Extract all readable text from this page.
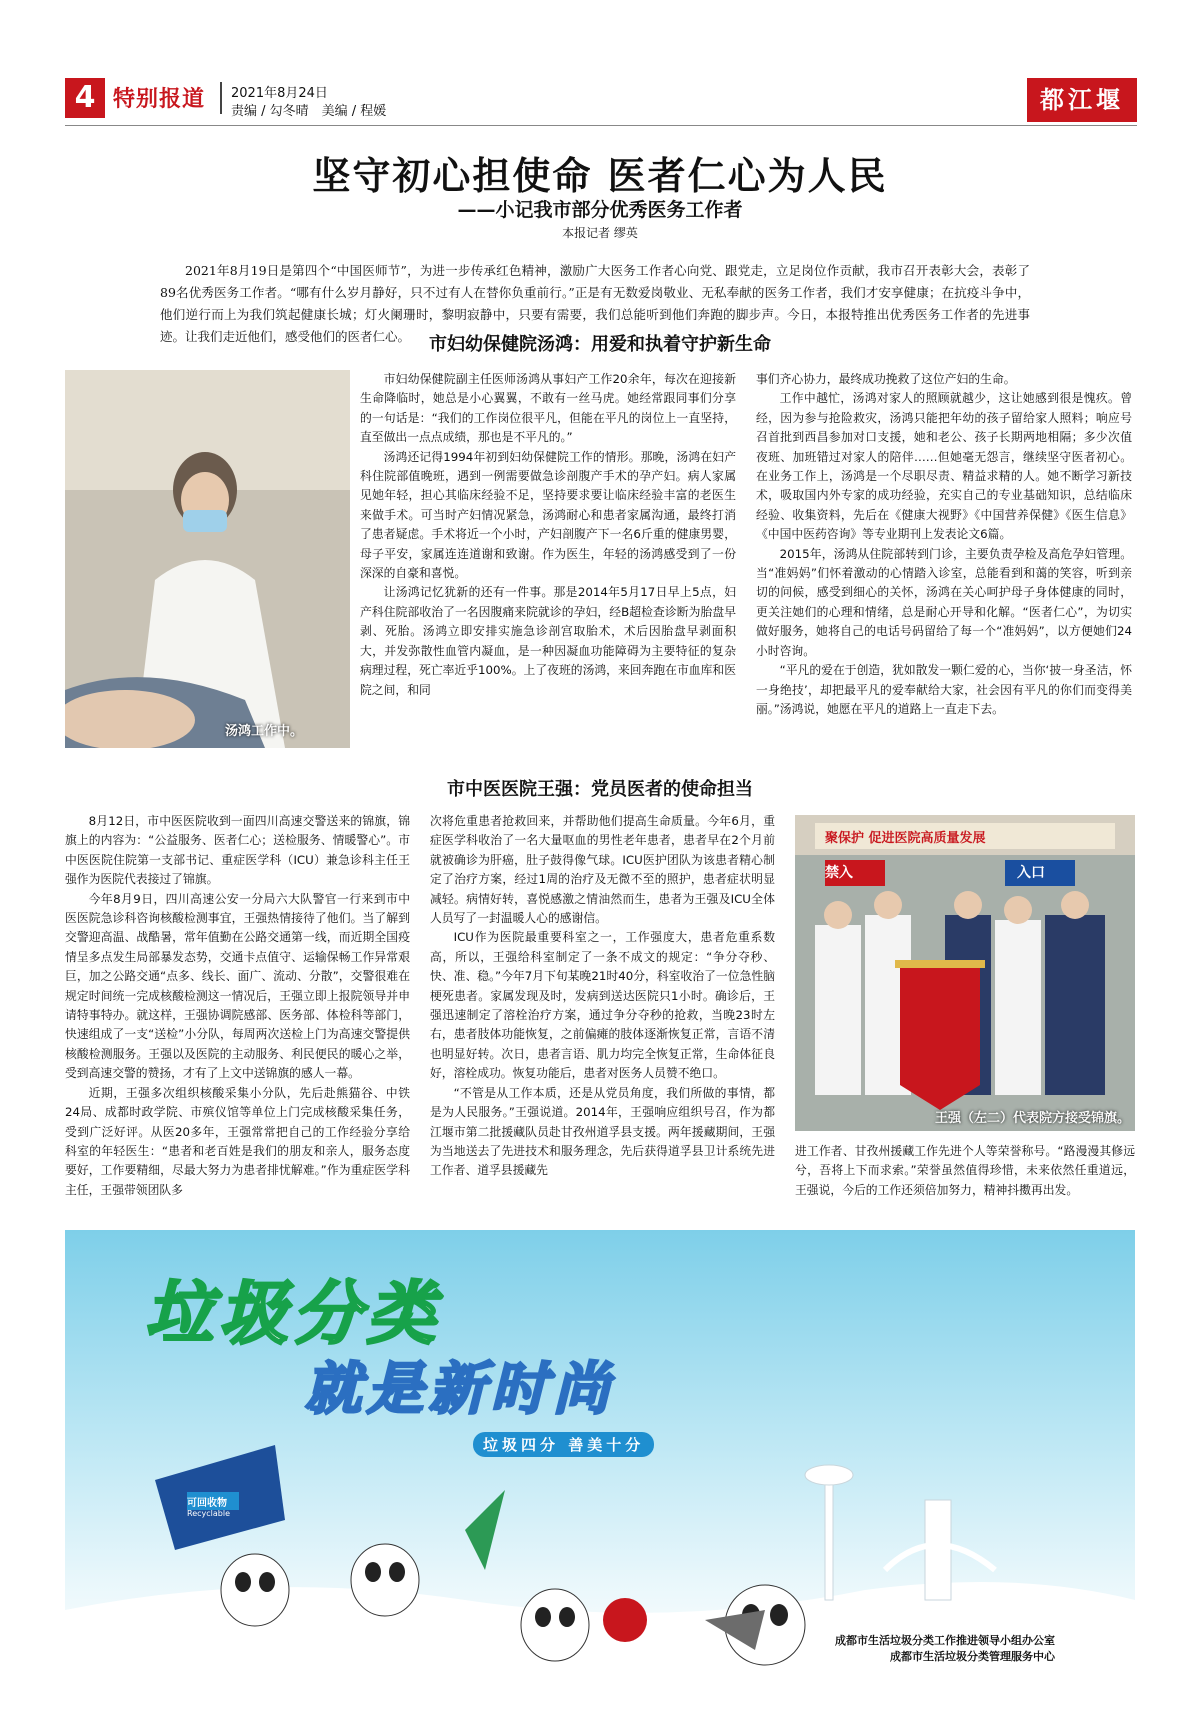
4 特别报道 2021年8月24日
责编 / 勾冬晴　美编 / 程媛	都江堰報
坚守初心担使命 医者仁心为人民
——小记我市部分优秀医务工作者
本报记者 缪英
2021年8月19日是第四个“中国医师节”，为进一步传承红色精神，激励广大医务工作者心向党、跟党走，立足岗位作贡献，我市召开表彰大会，表彰了89名优秀医务工作者。“哪有什么岁月静好，只不过有人在替你负重前行。”正是有无数爱岗敬业、无私奉献的医务工作者，我们才安享健康；在抗疫斗争中，他们逆行而上为我们筑起健康长城；灯火阑珊时，黎明寂静中，只要有需要，我们总能听到他们奔跑的脚步声。今日，本报特推出优秀医务工作者的先进事迹。让我们走近他们，感受他们的医者仁心。	市妇幼保健院汤鸿：用爱和执着守护新生命
汤鸿工作中。

市妇幼保健院副主任医师汤鸿从事妇产工作20余年，每次在迎接新生命降临时，她总是小心翼翼，不敢有一丝马虎。她经常跟同事们分享的一句话是：“我们的工作岗位很平凡，但能在平凡的岗位上一直坚持，直至做出一点点成绩，那也是不平凡的。”

汤鸿还记得1994年初到妇幼保健院工作的情形。那晚，汤鸿在妇产科住院部值晚班，遇到一例需要做急诊剖腹产手术的孕产妇。病人家属见她年轻，担心其临床经验不足，坚持要求要让临床经验丰富的老医生来做手术。可当时产妇情况紧急，汤鸿耐心和患者家属沟通，最终打消了患者疑虑。手术将近一个小时，产妇剖腹产下一名6斤重的健康男婴，母子平安，家属连连道谢和致谢。作为医生，年轻的汤鸿感受到了一份深深的自豪和喜悦。

让汤鸿记忆犹新的还有一件事。那是2014年5月17日早上5点，妇产科住院部收治了一名因腹痛来院就诊的孕妇，经B超检查诊断为胎盘早剥、死胎。汤鸿立即安排实施急诊剖宫取胎术，术后因胎盘早剥面积大，并发弥散性血管内凝血，是一种因凝血功能障碍为主要特征的复杂病理过程，死亡率近乎100%。上了夜班的汤鸿，来回奔跑在市血库和医院之间，和同

事们齐心协力，最终成功挽救了这位产妇的生命。

工作中越忙，汤鸿对家人的照顾就越少，这让她感到很是愧疚。曾经，因为参与抢险救灾，汤鸿只能把年幼的孩子留给家人照料；响应号召首批到西昌参加对口支援，她和老公、孩子长期两地相隔；多少次值夜班、加班错过对家人的陪伴……但她毫无怨言，继续坚守医者初心。在业务工作上，汤鸿是一个尽职尽责、精益求精的人。她不断学习新技术，吸取国内外专家的成功经验，充实自己的专业基础知识，总结临床经验、收集资料，先后在《健康大视野》《中国营养保健》《医生信息》《中国中医药咨询》等专业期刊上发表论文6篇。

2015年，汤鸿从住院部转到门诊，主要负责孕检及高危孕妇管理。当“准妈妈”们怀着激动的心情踏入诊室，总能看到和蔼的笑容，听到亲切的问候，感受到细心的关怀，汤鸿在关心呵护母子身体健康的同时，更关注她们的心理和情绪，总是耐心开导和化解。“医者仁心”，为切实做好服务，她将自己的电话号码留给了每一个“准妈妈”，以方便她们24小时咨询。

“平凡的爱在于创造，犹如散发一颗仁爱的心，当你‘披一身圣洁，怀一身绝技’，却把最平凡的爱奉献给大家，社会因有平凡的你们而变得美丽。”汤鸿说，她愿在平凡的道路上一直走下去。

市中医医院王强：党员医者的使命担当

8月12日，市中医医院收到一面四川高速交警送来的锦旗，锦旗上的内容为：“公益服务、医者仁心；送检服务、情暖警心”。市中医医院住院第一支部书记、重症医学科（ICU）兼急诊科主任王强作为医院代表接过了锦旗。

今年8月9日，四川高速公安一分局六大队警官一行来到市中医医院急诊科咨询核酸检测事宜，王强热情接待了他们。当了解到交警迎高温、战酷暑，常年值勤在公路交通第一线，而近期全国疫情呈多点发生局部暴发态势，交通卡点值守、运输保畅工作异常艰巨，加之公路交通“点多、线长、面广、流动、分散”，交警很难在规定时间统一完成核酸检测这一情况后，王强立即上报院领导并申请特事特办。就这样，王强协调院感部、医务部、体检科等部门，快速组成了一支“送检”小分队，每周两次送检上门为高速交警提供核酸检测服务。王强以及医院的主动服务、利民便民的暖心之举，受到高速交警的赞扬，才有了上文中送锦旗的感人一幕。

近期，王强多次组织核酸采集小分队，先后赴熊猫谷、中铁24局、成都时政学院、市殡仪馆等单位上门完成核酸采集任务，受到广泛好评。从医20多年，王强常常把自己的工作经验分享给科室的年轻医生：“患者和老百姓是我们的朋友和亲人，服务态度要好，工作要精细，尽最大努力为患者排忧解难。”作为重症医学科主任，王强带领团队多

次将危重患者抢救回来，并帮助他们提高生命质量。今年6月，重症医学科收治了一名大量呕血的男性老年患者，患者早在2个月前就被确诊为肝癌，肚子鼓得像气球。ICU医护团队为该患者精心制定了治疗方案，经过1周的治疗及无微不至的照护，患者症状明显减轻。病情好转，喜悦感激之情油然而生，患者为王强及ICU全体人员写了一封温暖人心的感谢信。

ICU作为医院最重要科室之一，工作强度大，患者危重系数高，所以，王强给科室制定了一条不成文的规定：“争分夺秒、快、准、稳。”今年7月下旬某晚21时40分，科室收治了一位急性脑梗死患者。家属发现及时，发病到送达医院只1小时。确诊后，王强迅速制定了溶栓治疗方案，通过争分夺秒的抢救，当晚23时左右，患者肢体功能恢复，之前偏瘫的肢体逐渐恢复正常，言语不清也明显好转。次日，患者言语、肌力均完全恢复正常，生命体征良好，溶栓成功。恢复功能后，患者对医务人员赞不绝口。

“不管是从工作本质，还是从党员角度，我们所做的事情，都是为人民服务。”王强说道。2014年，王强响应组织号召，作为都江堰市第二批援藏队员赴甘孜州道孚县支援。两年援藏期间，王强为当地送去了先进技术和服务理念，先后获得道孚县卫计系统先进工作者、道孚县援藏先

禁入	入口
聚保护 促进医院高质量发展
王强（左二）代表院方接受锦旗。

进工作者、甘孜州援藏工作先进个人等荣誉称号。“路漫漫其修远兮，吾将上下而求索。”荣誉虽然值得珍惜，未来依然任重道远，王强说，今后的工作还须倍加努力，精神抖擞再出发。

垃圾分类
就是新时尚
垃圾四分 善美十分
可回收物
Recyclable
成都市生活垃圾分类工作推进领导小组办公室
成都市生活垃圾分类管理服务中心
